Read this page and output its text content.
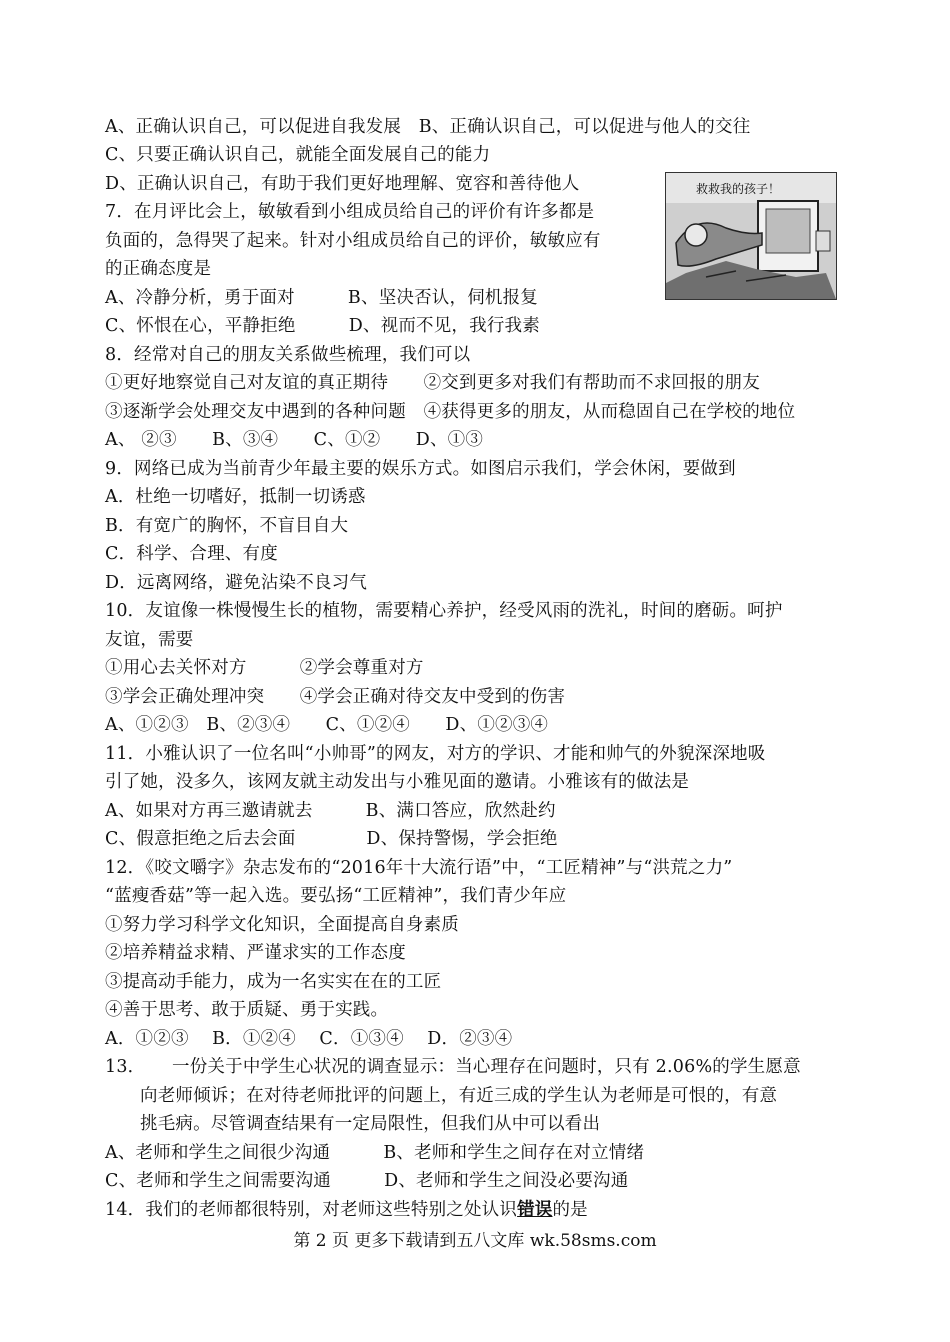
A、正确认识自己，可以促进自我发展　B、正确认识自己，可以促进与他人的交往
C、只要正确认识自己，就能全面发展自己的能力
D、正确认识自己，有助于我们更好地理解、宽容和善待他人
7．在月评比会上，敏敏看到小组成员给自己的评价有许多都是
负面的，急得哭了起来。针对小组成员给自己的评价，敏敏应有
的正确态度是
A、冷静分析，勇于面对　　　B、坚决否认，伺机报复
C、怀恨在心，平静拒绝　　　D、视而不见，我行我素
8．经常对自己的朋友关系做些梳理，我们可以
①更好地察觉自己对友谊的真正期待　　②交到更多对我们有帮助而不求回报的朋友
③逐渐学会处理交友中遇到的各种问题　④获得更多的朋友，从而稳固自己在学校的地位
A、 ②③　　B、③④　　C、①②　　D、①③
9．网络已成为当前青少年最主要的娱乐方式。如图启示我们，学会休闲，要做到
A．杜绝一切嗜好，抵制一切诱惑
B．有宽广的胸怀，不盲目自大
C．科学、合理、有度
D．远离网络，避免沾染不良习气
10．友谊像一株慢慢生长的植物，需要精心养护，经受风雨的洗礼，时间的磨砺。呵护
友谊，需要
①用心去关怀对方　　　②学会尊重对方
③学会正确处理冲突　　④学会正确对待交友中受到的伤害
A、①②③　B、②③④　　C、①②④　　D、①②③④
11．小雅认识了一位名叫“小帅哥”的网友，对方的学识、才能和帅气的外貌深深地吸
引了她，没多久，该网友就主动发出与小雅见面的邀请。小雅该有的做法是
A、如果对方再三邀请就去　　　B、满口答应，欣然赴约
C、假意拒绝之后去会面　　　　D、保持警惕，学会拒绝
12．《咬文嚼字》杂志发布的“2016年十大流行语”中，“工匠精神”与“洪荒之力”
“蓝瘦香菇”等一起入选。要弘扬“工匠精神”，我们青少年应
①努力学习科学文化知识，全面提高自身素质
②培养精益求精、严谨求实的工作态度
③提高动手能力，成为一名实实在在的工匠
④善于思考、敢于质疑、勇于实践。
A．①②③　 B．①②④　 C．①③④　 D．②③④
13．　　一份关于中学生心状况的调查显示：当心理存在问题时，只有 2.06%的学生愿意
向老师倾诉；在对待老师批评的问题上，有近三成的学生认为老师是可恨的，有意
挑毛病。尽管调查结果有一定局限性，但我们从中可以看出
A、老师和学生之间很少沟通　　　B、老师和学生之间存在对立情绪
C、老师和学生之间需要沟通　　　D、老师和学生之间没必要沟通
14．我们的老师都很特别，对老师这些特别之处认识错误的是
救救我的孩子！
第 2 页 更多下载请到五八文库 wk.58sms.com
